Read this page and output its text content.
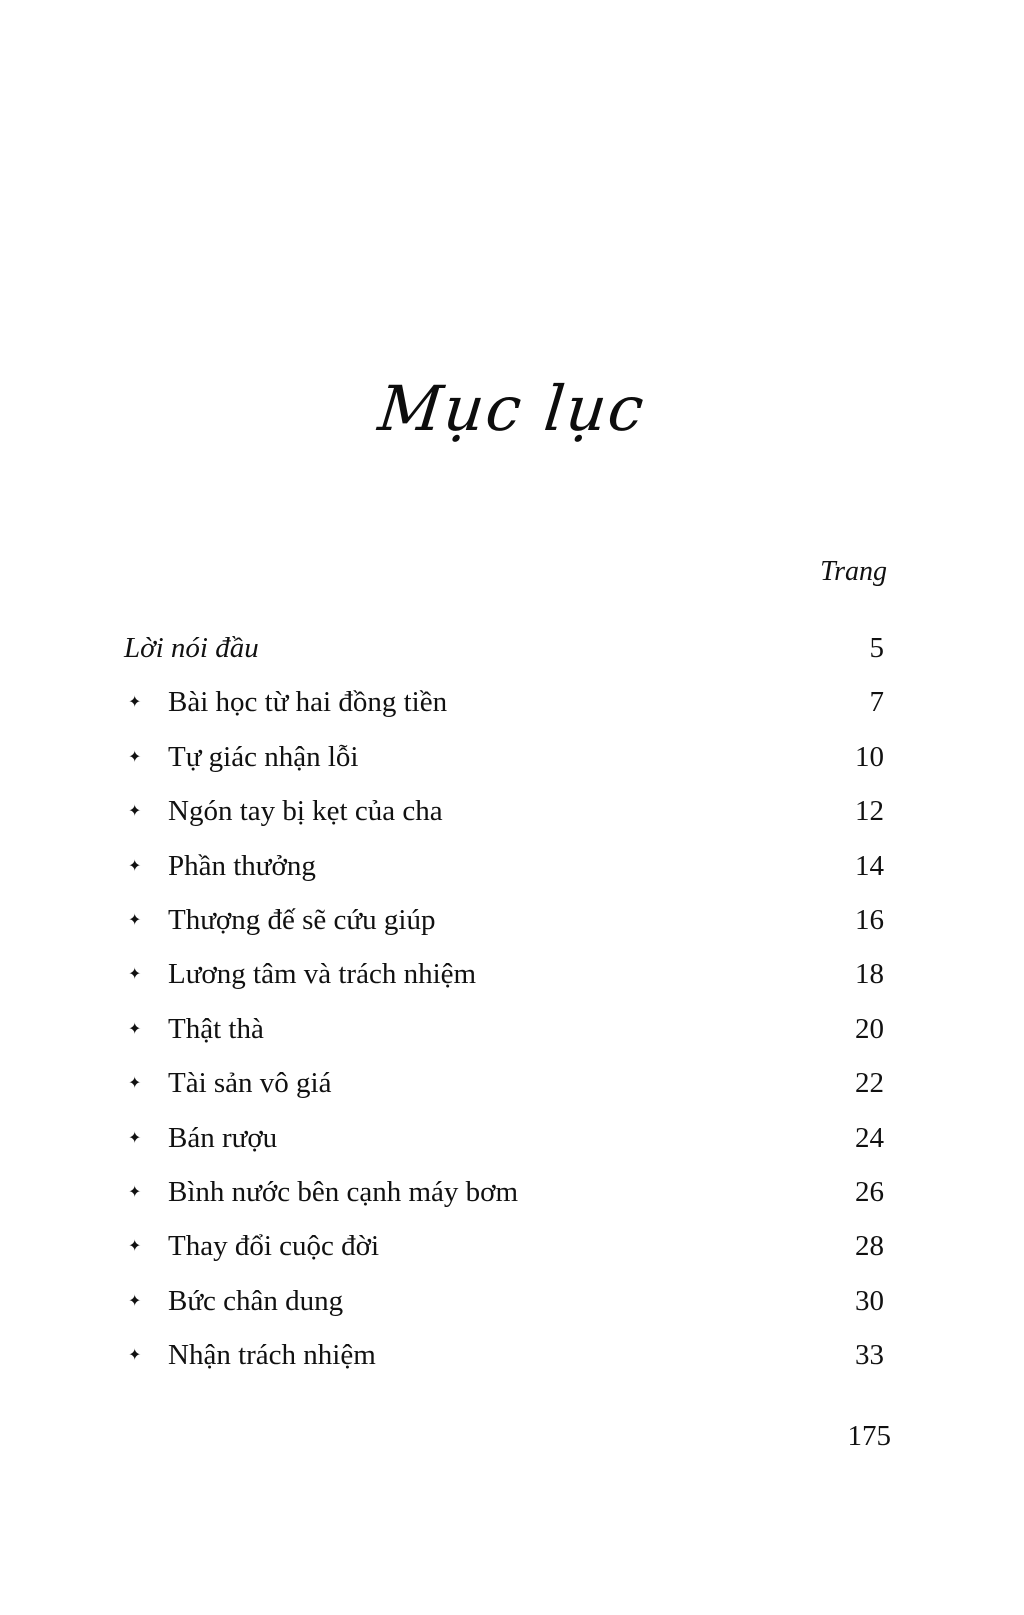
Mục lục
Trang
Lời nói đầu	5
✦ Bài học từ hai đồng tiền	7
✦ Tự giác nhận lỗi	10
✦ Ngón tay bị kẹt của cha	12
✦ Phần thưởng	14
✦ Thượng đế sẽ cứu giúp	16
✦ Lương tâm và trách nhiệm	18
✦ Thật thà	20
✦ Tài sản vô giá	22
✦ Bán rượu	24
✦ Bình nước bên cạnh máy bơm	26
✦ Thay đổi cuộc đời	28
✦ Bức chân dung	30
✦ Nhận trách nhiệm	33
175
